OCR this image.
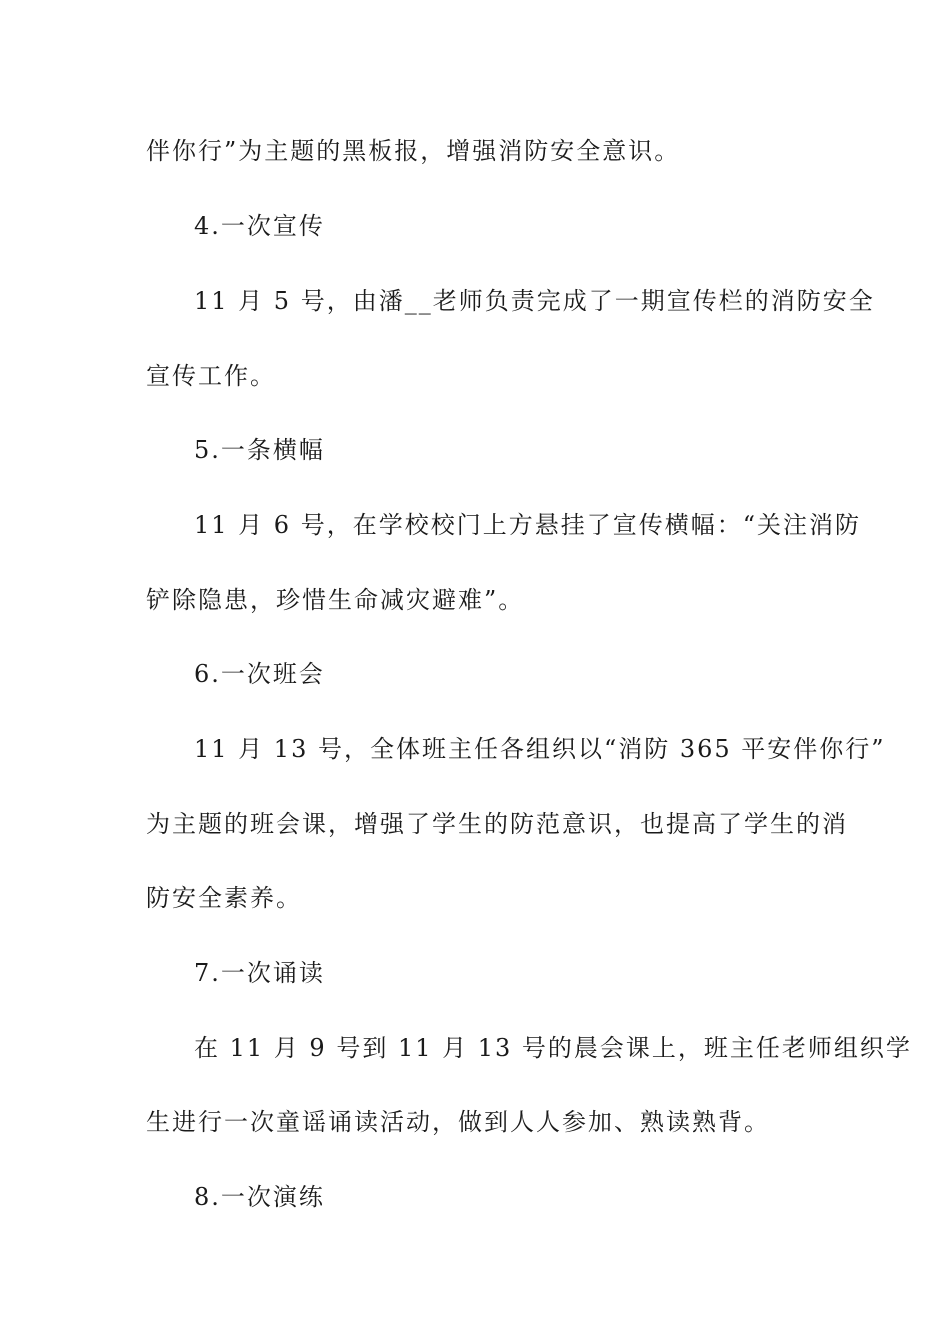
伴你行”为主题的黑板报，增强消防安全意识。
4.一次宣传
11 月 5 号，由潘__老师负责完成了一期宣传栏的消防安全
宣传工作。
5.一条横幅
11 月 6 号，在学校校门上方悬挂了宣传横幅：“关注消防
铲除隐患，珍惜生命减灾避难”。
6.一次班会
11 月 13 号，全体班主任各组织以“消防 365 平安伴你行”
为主题的班会课，增强了学生的防范意识，也提高了学生的消
防安全素养。
7.一次诵读
在 11 月 9 号到 11 月 13 号的晨会课上，班主任老师组织学
生进行一次童谣诵读活动，做到人人参加、熟读熟背。
8.一次演练
